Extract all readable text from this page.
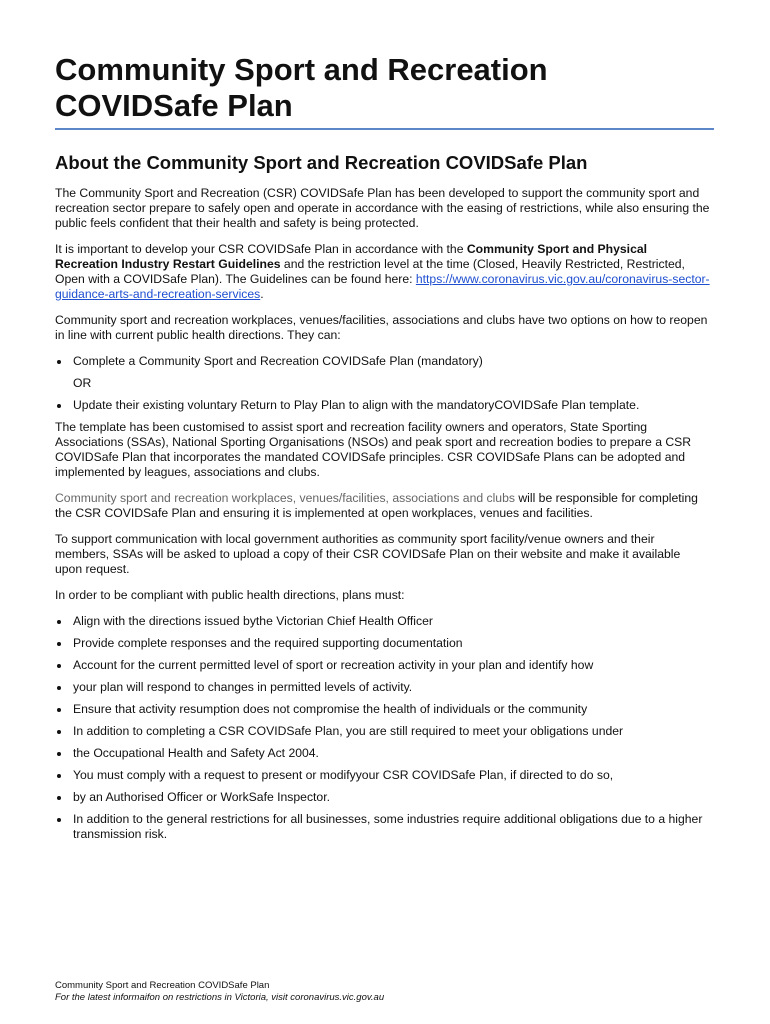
Community Sport and Recreation COVIDSafe Plan
About the Community Sport and Recreation COVIDSafe Plan

The Community Sport and Recreation (CSR) COVIDSafe Plan has been developed to support the community sport and recreation sector prepare to safely open and operate in accordance with the easing of restrictions, while also ensuring the public feels confident that their health and safety is being protected.

It is important to develop your CSR COVIDSafe Plan in accordance with the Community Sport and Physical Recreation Industry Restart Guidelines and the restriction level at the time (Closed, Heavily Restricted, Restricted, Open with a COVIDSafe Plan). The Guidelines can be found here: https://www.coronavirus.vic.gov.au/coronavirus-sector-guidance-arts-and-recreation-services.

Community sport and recreation workplaces, venues/facilities, associations and clubs have two options on how to reopen in line with current public health directions. They can:

Complete a Community Sport and Recreation COVIDSafe Plan (mandatory)
OR
Update their existing voluntary Return to Play Plan to align with the mandatoryCOVIDSafe Plan template.

The template has been customised to assist sport and recreation facility owners and operators, State Sporting Associations (SSAs), National Sporting Organisations (NSOs) and peak sport and recreation bodies to prepare a CSR COVIDSafe Plan that incorporates the mandated COVIDSafe principles. CSR COVIDSafe Plans can be adopted and implemented by leagues, associations and clubs.

Community sport and recreation workplaces, venues/facilities, associations and clubs will be responsible for completing the CSR COVIDSafe Plan and ensuring it is implemented at open workplaces, venues and facilities.

To support communication with local government authorities as community sport facility/venue owners and their members, SSAs will be asked to upload a copy of their CSR COVIDSafe Plan on their website and make it available upon request.

In order to be compliant with public health directions, plans must:

Align with the directions issued bythe Victorian Chief Health Officer
Provide complete responses and the required supporting documentation
Account for the current permitted level of sport or recreation activity in your plan and identify how
your plan will respond to changes in permitted levels of activity.
Ensure that activity resumption does not compromise the health of individuals or the community
In addition to completing a CSR COVIDSafe Plan, you are still required to meet your obligations under
the Occupational Health and Safety Act 2004.
You must comply with a request to present or modifyyour CSR COVIDSafe Plan, if directed to do so,
by an Authorised Officer or WorkSafe Inspector.
In addition to the general restrictions for all businesses, some industries require additional obligations due to a higher transmission risk.
Community Sport and Recreation COVIDSafe Plan
For the latest informaifon on restrictions in Victoria, visit coronavirus.vic.gov.au
